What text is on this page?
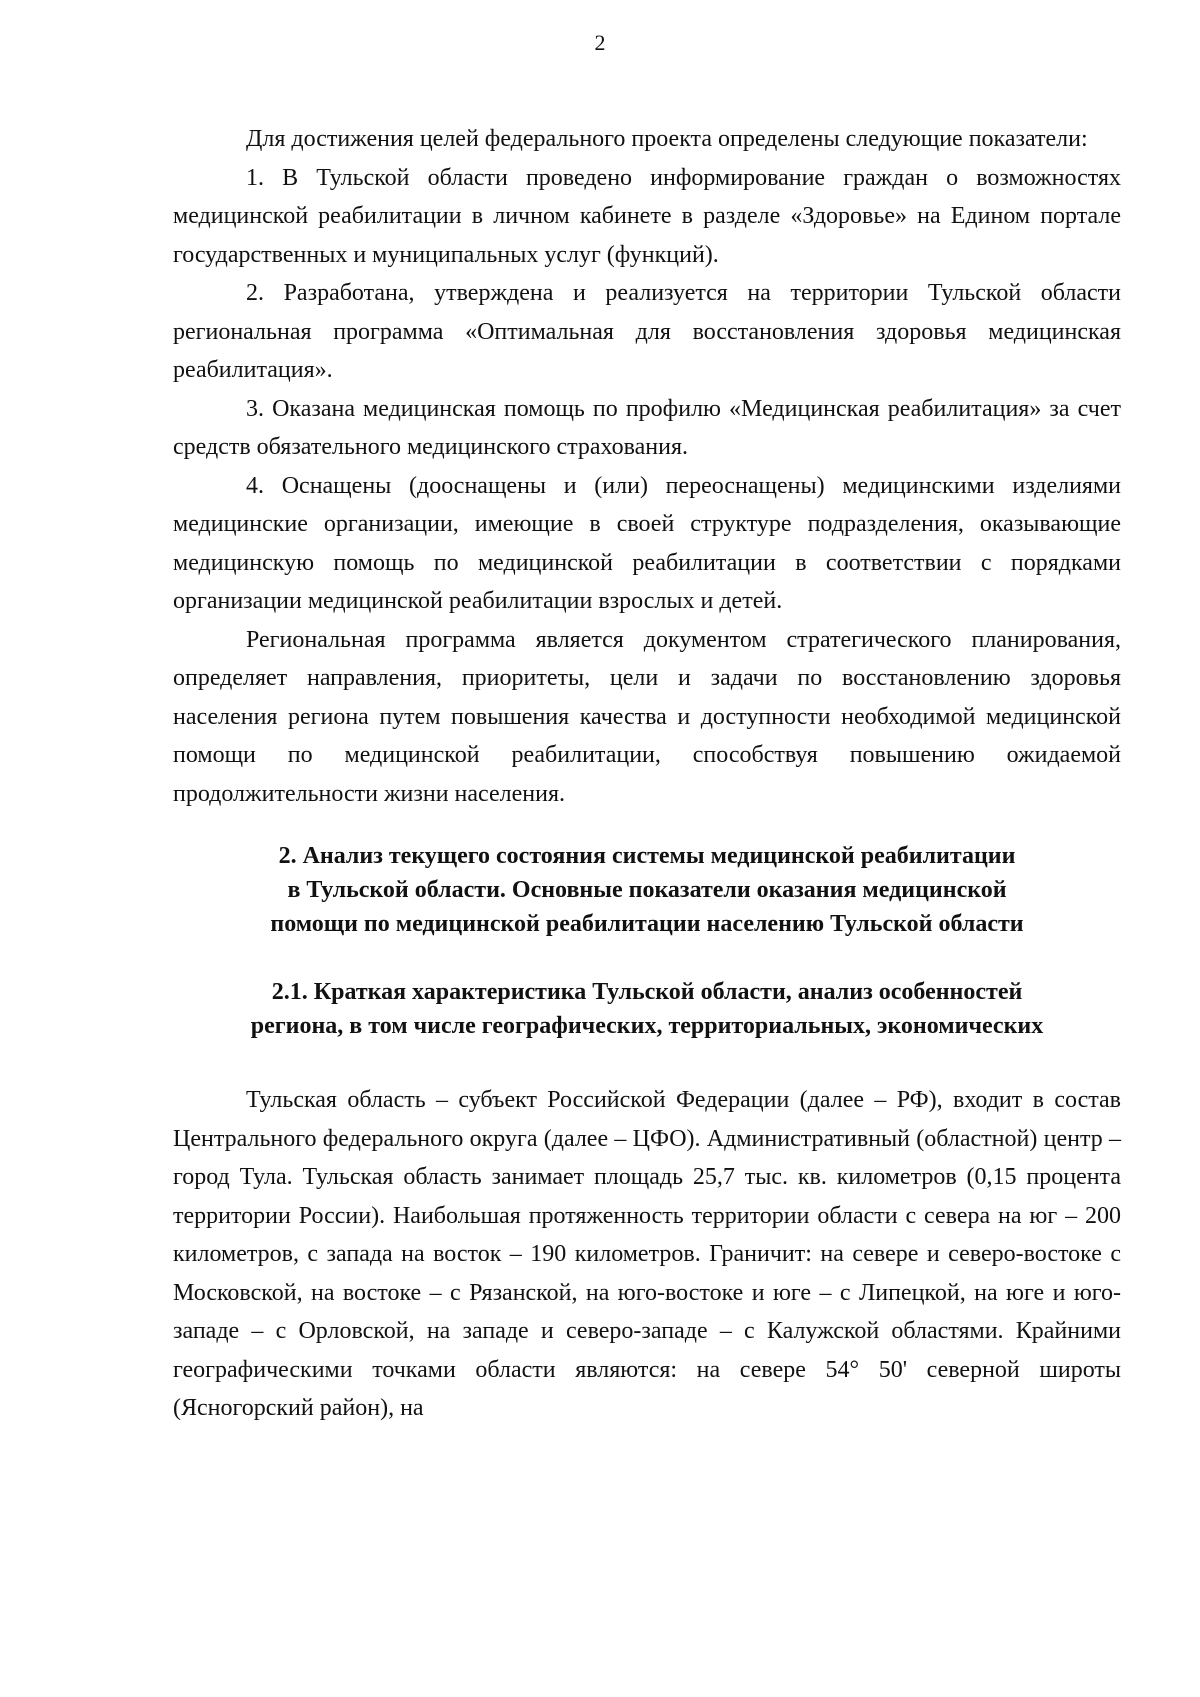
2

Для достижения целей федерального проекта определены следующие показатели:

1. В Тульской области проведено информирование граждан о возможностях медицинской реабилитации в личном кабинете в разделе «Здоровье» на Едином портале государственных и муниципальных услуг (функций).

2. Разработана, утверждена и реализуется на территории Тульской области региональная программа «Оптимальная для восстановления здоровья медицинская реабилитация».

3. Оказана медицинская помощь по профилю «Медицинская реабилитация» за счет средств обязательного медицинского страхования.

4. Оснащены (дооснащены и (или) переоснащены) медицинскими изделиями медицинские организации, имеющие в своей структуре подразделения, оказывающие медицинскую помощь по медицинской реабилитации в соответствии с порядками организации медицинской реабилитации взрослых и детей.

Региональная программа является документом стратегического планирования, определяет направления, приоритеты, цели и задачи по восстановлению здоровья населения региона путем повышения качества и доступности необходимой медицинской помощи по медицинской реабилитации, способствуя повышению ожидаемой продолжительности жизни населения.

2. Анализ текущего состояния системы медицинской реабилитации

в Тульской области. Основные показатели оказания медицинской

помощи по медицинской реабилитации населению Тульской области

2.1. Краткая характеристика Тульской области, анализ особенностей

региона, в том числе географических, территориальных, экономических

Тульская область – субъект Российской Федерации (далее – РФ), входит в состав Центрального федерального округа (далее – ЦФО). Административный (областной) центр – город Тула. Тульская область занимает площадь 25,7 тыс. кв. километров (0,15 процента территории России). Наибольшая протяженность территории области с севера на юг – 200 километров, с запада на восток – 190 километров. Граничит: на севере и северо-востоке с Московской, на востоке – с Рязанской, на юго-востоке и юге – с Липецкой, на юге и юго-западе – с Орловской, на западе и северо-западе – с Калужской областями. Крайними географическими точками области являются: на севере 54° 50' северной широты (Ясногорский район), на
